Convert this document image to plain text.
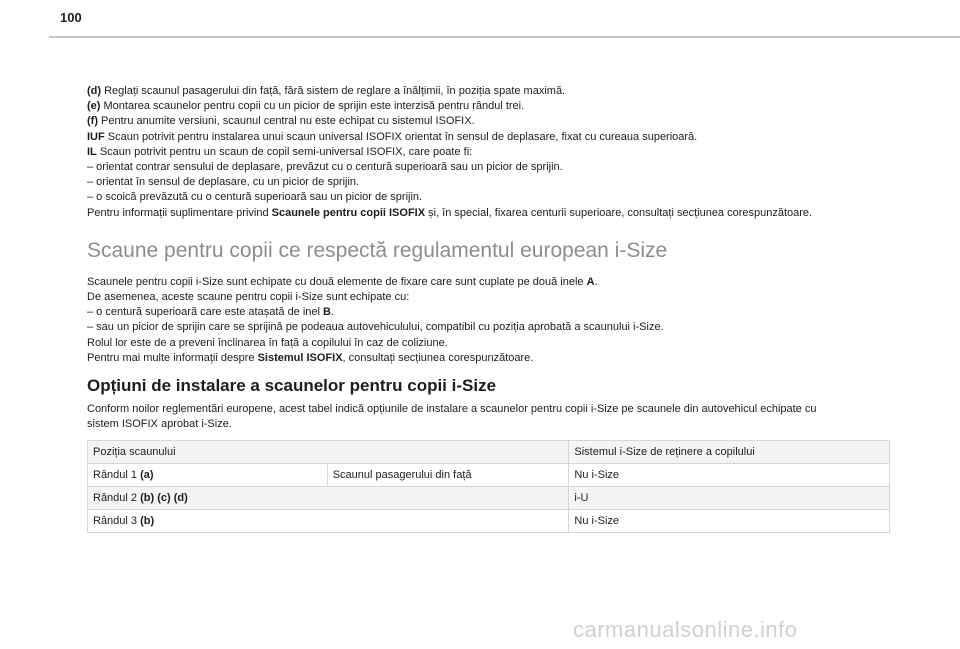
100

(d) Reglați scaunul pasagerului din față, fără sistem de reglare a înălțimii, în poziția spate maximă.

(e) Montarea scaunelor pentru copii cu un picior de sprijin este interzisă pentru rândul trei.

(f) Pentru anumite versiuni, scaunul central nu este echipat cu sistemul ISOFIX.

IUF Scaun potrivit pentru instalarea unui scaun universal ISOFIX orientat în sensul de deplasare, fixat cu cureaua superioară.

IL Scaun potrivit pentru un scaun de copil semi-universal ISOFIX, care poate fi:

– orientat contrar sensului de deplasare, prevăzut cu o centură superioară sau un picior de sprijin.

– orientat în sensul de deplasare, cu un picior de sprijin.

– o scoică prevăzută cu o centură superioară sau un picior de sprijin.

Pentru informații suplimentare privind Scaunele pentru copii ISOFIX și, în special, fixarea centurii superioare, consultați secțiunea corespunzătoare.

Scaune pentru copii ce respectă regulamentul european i-Size

Scaunele pentru copii i-Size sunt echipate cu două elemente de fixare care sunt cuplate pe două inele A.

De asemenea, aceste scaune pentru copii i-Size sunt echipate cu:

– o centură superioară care este atașată de inel B.

– sau un picior de sprijin care se sprijină pe podeaua autovehiculului, compatibil cu poziția aprobată a scaunului i-Size.

Rolul lor este de a preveni înclinarea în față a copilului în caz de coliziune.

Pentru mai multe informații despre Sistemul ISOFIX, consultați secțiunea corespunzătoare.

Opțiuni de instalare a scaunelor pentru copii i-Size

Conform noilor reglementări europene, acest tabel indică opțiunile de instalare a scaunelor pentru copii i-Size pe scaunele din autovehicul echipate cu

sistem ISOFIX aprobat i-Size.

Poziția scaunului		Sistemul i-Size de reținere a copilului
Rândul 1 (a)	Scaunul pasagerului din față	Nu i-Size
Rândul 2 (b) (c) (d)		i-U
Rândul 3 (b)		Nu i-Size
carmanualsonline.info
